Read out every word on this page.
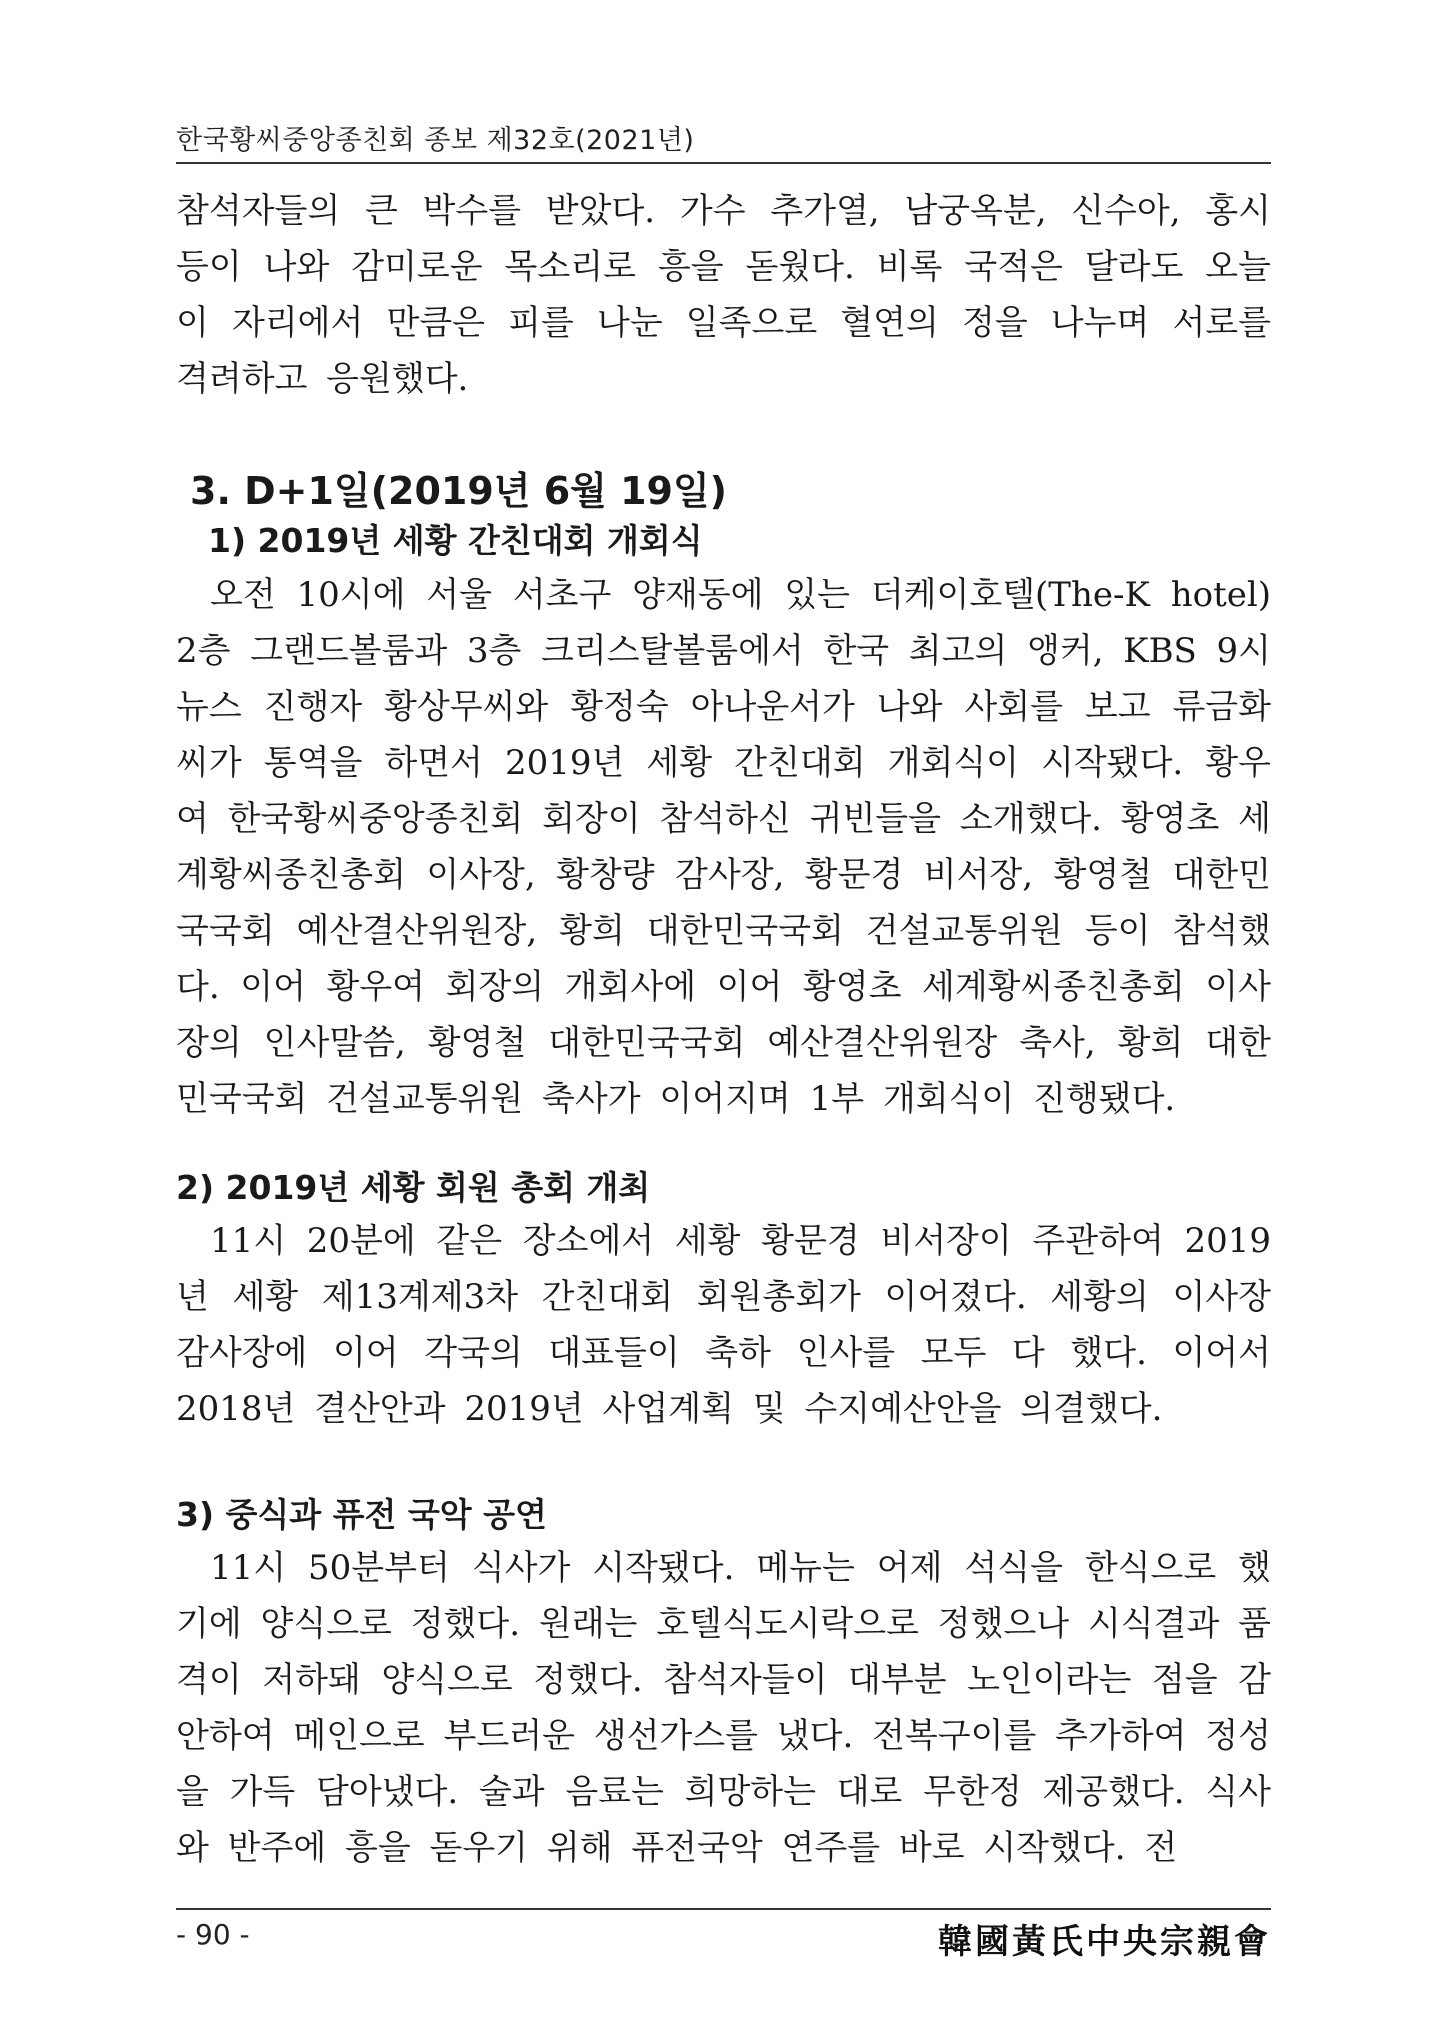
한국황씨중앙종친회 종보 제32호(2021년)
참석자들의 큰 박수를 받았다. 가수 추가열, 남궁옥분, 신수아, 홍시 등이 나와 감미로운 목소리로 흥을 돋웠다. 비록 국적은 달라도 오늘 이 자리에서 만큼은 피를 나눈 일족으로 혈연의 정을 나누며 서로를 격려하고 응원했다.
3. D+1일(2019년 6월 19일)
1) 2019년 세황 간친대회 개회식
오전 10시에 서울 서초구 양재동에 있는 더케이호텔(The-K hotel) 2층 그랜드볼룸과 3층 크리스탈볼룸에서 한국 최고의 앵커, KBS 9시 뉴스 진행자 황상무씨와 황정숙 아나운서가 나와 사회를 보고 류금화씨가 통역을 하면서 2019년 세황 간친대회 개회식이 시작됐다. 황우여 한국황씨중앙종친회 회장이 참석하신 귀빈들을 소개했다. 황영초 세계황씨종친총회 이사장, 황창량 감사장, 황문경 비서장, 황영철 대한민국국회 예산결산위원장, 황희 대한민국국회 건설교통위원 등이 참석했다. 이어 황우여 회장의 개회사에 이어 황영초 세계황씨종친총회 이사장의 인사말씀, 황영철 대한민국국회 예산결산위원장 축사, 황희 대한민국국회 건설교통위원 축사가 이어지며 1부 개회식이 진행됐다.
2) 2019년 세황 회원 총회 개최
11시 20분에 같은 장소에서 세황 황문경 비서장이 주관하여 2019년 세황 제13계제3차 간친대회 회원총회가 이어졌다. 세황의 이사장 감사장에 이어 각국의 대표들이 축하 인사를 모두 다 했다. 이어서 2018년 결산안과 2019년 사업계획 및 수지예산안을 의결했다.
3) 중식과 퓨전 국악 공연
11시 50분부터 식사가 시작됐다. 메뉴는 어제 석식을 한식으로 했기에 양식으로 정했다. 원래는 호텔식도시락으로 정했으나 시식결과 품격이 저하돼 양식으로 정했다. 참석자들이 대부분 노인이라는 점을 감안하여 메인으로 부드러운 생선가스를 냈다. 전복구이를 추가하여 정성을 가득 담아냈다. 술과 음료는 희망하는 대로 무한정 제공했다. 식사와 반주에 흥을 돋우기 위해 퓨전국악 연주를 바로 시작했다. 전
- 90 -	韓國黃氏中央宗親會
